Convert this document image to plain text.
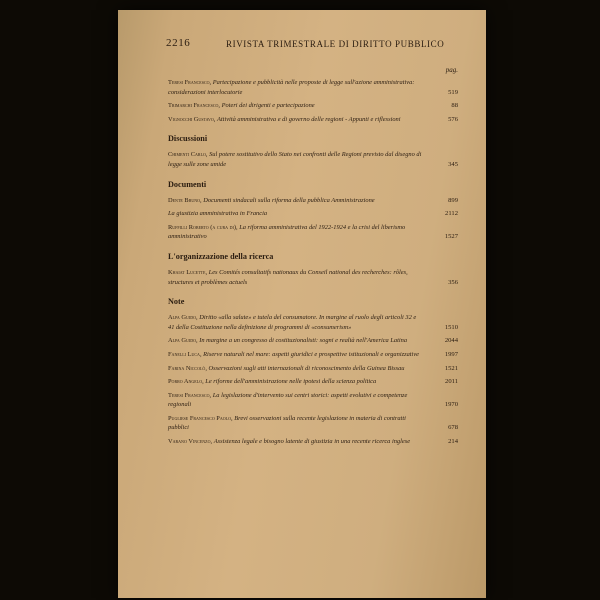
2216	RIVISTA TRIMESTRALE DI DIRITTO PUBBLICO
pag.
Teresi Francesco, Partecipazione e pubblicità nelle proposte di legge sull'azione amministrativa: considerazioni interlocutorie	519
Trimarchi Francesco, Poteri dei dirigenti e partecipazione	88
Vignocchi Gustavo, Attività amministrativa e di governo delle regioni - Appunti e riflessioni	576
Discussioni
Chimenti Carlo, Sul potere sostitutivo dello Stato nei confronti delle Regioni previsto dal disegno di legge sulle zone umide	345
Documenti
Dente Bruno, Documenti sindacali sulla riforma della pubblica Amministrazione	899
La giustizia amministrativa in Francia	2112
Ruffilli Roberto (a cura di), La riforma amministrativa del 1922-1924 e la crisi del liberismo amministrativo	1527
L'organizzazione della ricerca
Khaiat Lucette, Les Comités consultatifs nationaux du Conseil national des recherches: rôles, structures et problèmes actuels	356
Note
Alpa Guido, Diritto «alla salute» e tutela del consumatore. In margine al ruolo degli articoli 32 e 41 della Costituzione nella definizione di programmi di «consumerism»	1510
Alpa Guido, In margine a un congresso di costituzionalisti: sogni e realtà nell'America Latina	2044
Fanelli Luca, Riserve naturali nel mare: aspetti giuridici e prospettive istituzionali e organizzative	1997
Farina Niccolò, Osservazioni sugli atti internazionali di riconoscimento della Guinea Bissau	1521
Porro Angelo, Le riforme dell'amministrazione nelle ipotesi della scienza politica	2011
Teresi Francesco, La legislazione d'intervento sui centri storici: aspetti evolutivi e competenze regionali	1970
Pugliese Francesco Paolo, Brevi osservazioni sulla recente legislazione in materia di contratti pubblici	678
Varano Vincenzo, Assistenza legale e bisogno latente di giustizia in una recente ricerca inglese	214
